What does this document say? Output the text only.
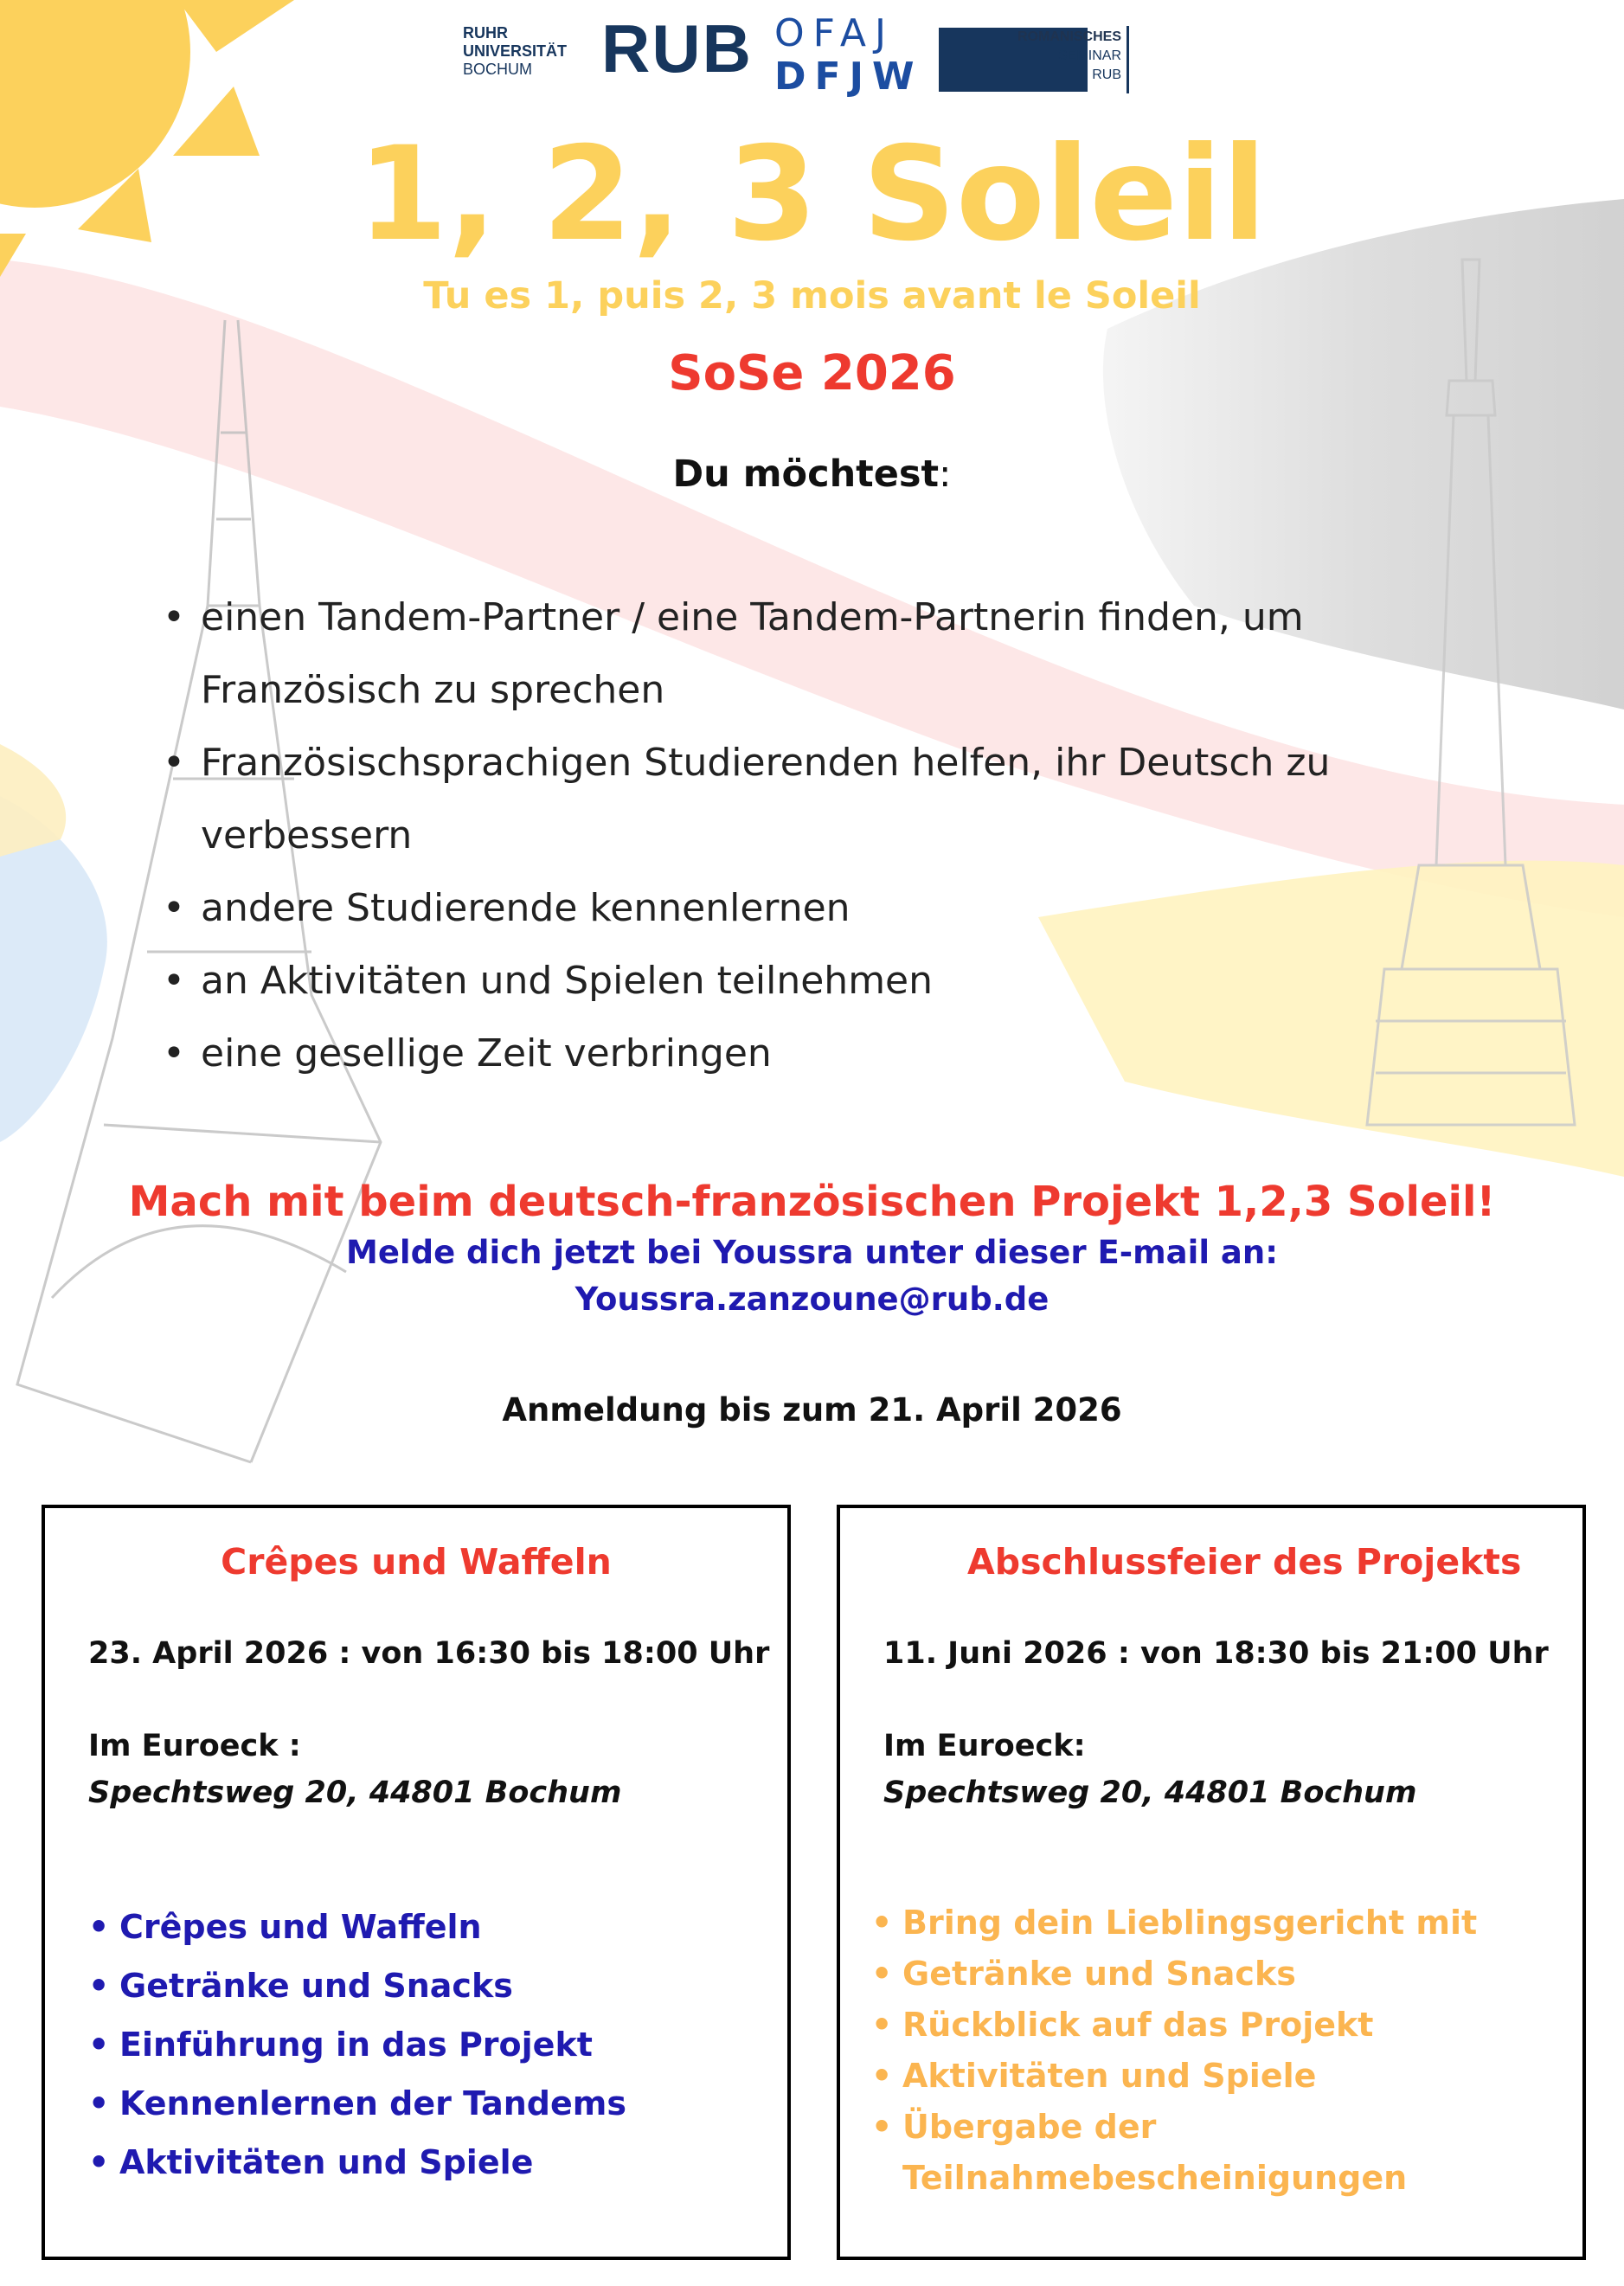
RUHR
UNIVERSITÄT
BOCHUM	RUB OFAJ
DFJW
ROMANISCHES
SEMINAR
RUB
1, 2, 3 Soleil
Tu es 1, puis 2, 3 mois avant le Soleil
SoSe 2026
Du möchtest:
• einen Tandem-Partner / eine Tandem-Partnerin finden, um Französisch zu sprechen
• Französischsprachigen Studierenden helfen, ihr Deutsch zu verbessern
• andere Studierende kennenlernen
• an Aktivitäten und Spielen teilnehmen
• eine gesellige Zeit verbringen
Mach mit beim deutsch-französischen Projekt 1,2,3 Soleil!
Melde dich jetzt bei Youssra unter dieser E-mail an:
Youssra.zanzoune@rub.de
Anmeldung bis zum 21. April 2026
Crêpes und Waffeln
23. April 2026 : von 16:30 bis 18:00 Uhr
Im Euroeck :
Spechtsweg 20, 44801 Bochum
• Crêpes und Waffeln
• Getränke und Snacks
• Einführung in das Projekt
• Kennenlernen der Tandems
• Aktivitäten und Spiele
Abschlussfeier des Projekts
11. Juni 2026 : von 18:30 bis 21:00 Uhr
Im Euroeck:
Spechtsweg 20, 44801 Bochum
• Bring dein Lieblingsgericht mit
• Getränke und Snacks
• Rückblick auf das Projekt
• Aktivitäten und Spiele
• Übergabe der Teilnahmebescheinigungen
